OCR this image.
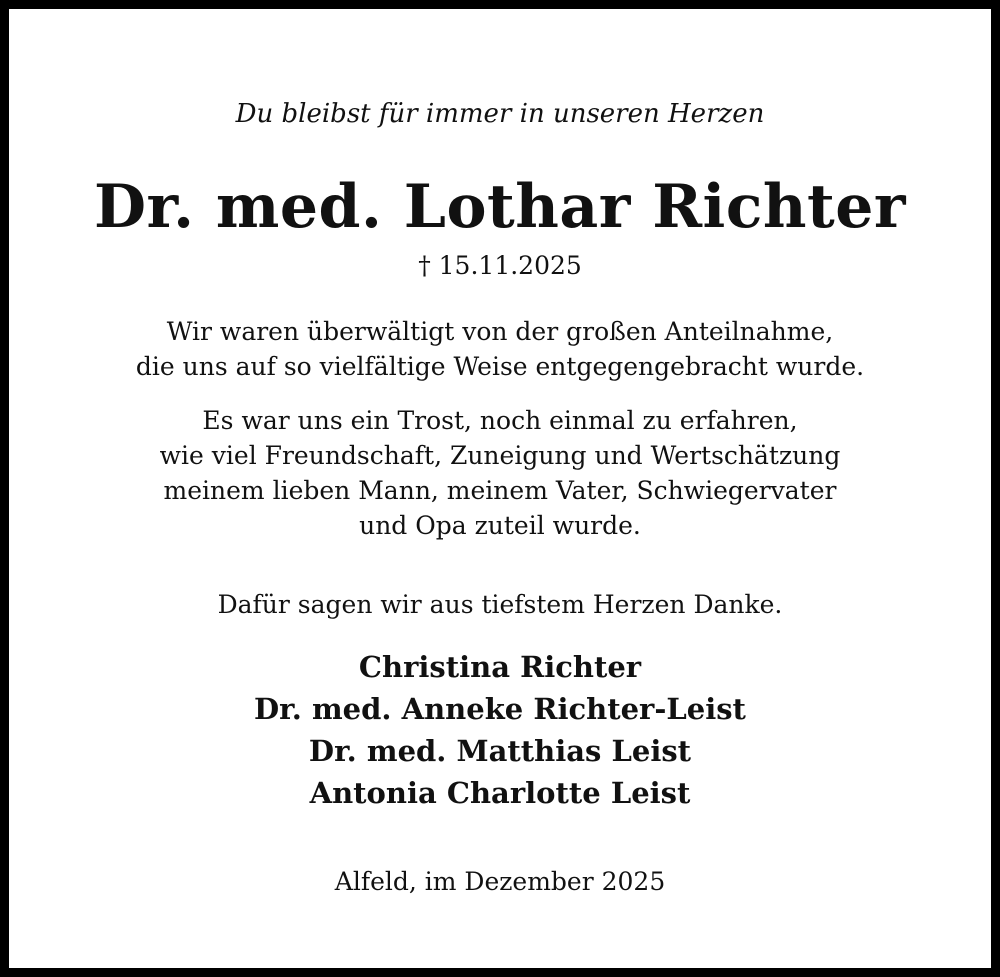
Du bleibst für immer in unseren Herzen
Dr. med. Lothar Richter
† 15.11.2025
Wir waren überwältigt von der großen Anteilnahme,
die uns auf so vielfältige Weise entgegengebracht wurde.
Es war uns ein Trost, noch einmal zu erfahren,
wie viel Freundschaft, Zuneigung und Wertschätzung
meinem lieben Mann, meinem Vater, Schwiegervater
und Opa zuteil wurde.
Dafür sagen wir aus tiefstem Herzen Danke.
Christina Richter
Dr. med. Anneke Richter-Leist
Dr. med. Matthias Leist
Antonia Charlotte Leist
Alfeld, im Dezember 2025
